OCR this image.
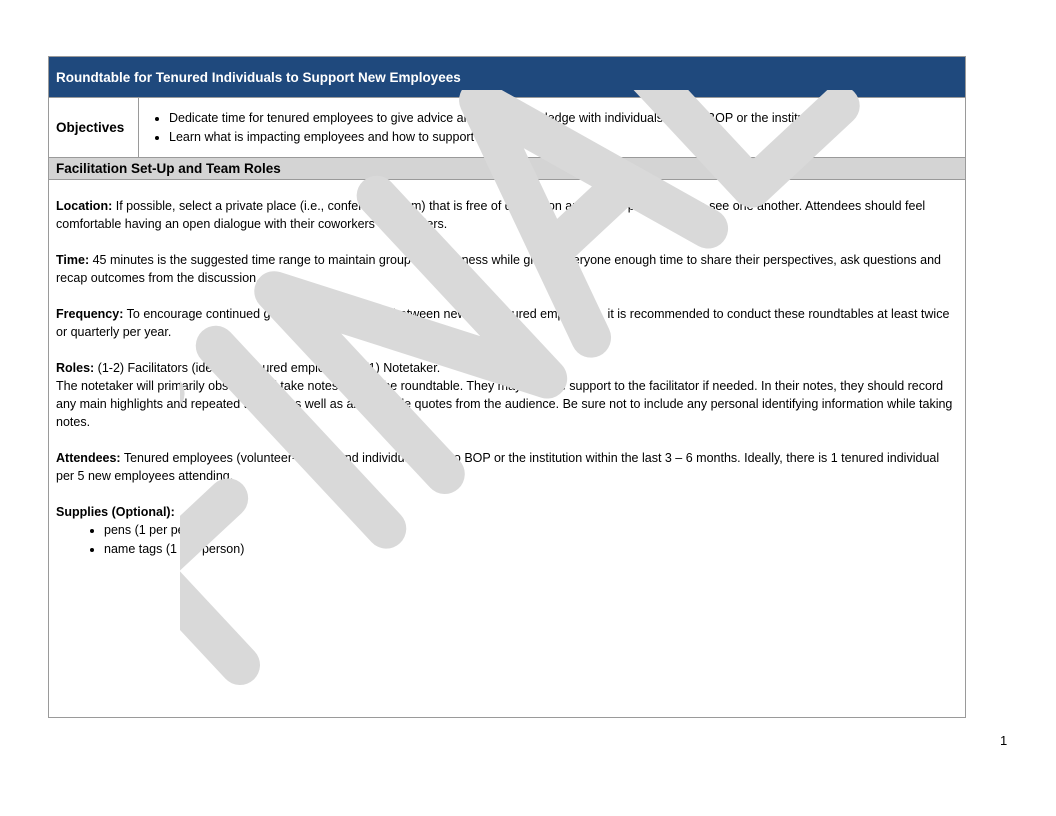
Roundtable for Tenured Individuals to Support New Employees
Objectives
• Dedicate time for tenured employees to give advice and share knowledge with individuals new to BOP or the institution
• Learn what is impacting employees and how to support them better
Facilitation Set-Up and Team Roles

Location: If possible, select a private place (i.e., conference room) that is free of distraction and allows participants to see one another. Attendees should feel comfortable having an open dialogue with their coworkers and leaders.

Time: 45 minutes is the suggested time range to maintain group attentiveness while giving everyone enough time to share their perspectives, ask questions and recap outcomes from the discussion.

Frequency: To encourage continued guidance and dialogue between new and tenured employees, it is recommended to conduct these roundtables at least twice or quarterly per year.

Roles: (1-2) Facilitators (ideally a tenured employee) & (1) Notetaker.
The notetaker will primarily observe and take notes during the roundtable. They may provide support to the facilitator if needed. In their notes, they should record any main highlights and repeated themes as well as any notable quotes from the audience. Be sure not to include any personal identifying information while taking notes.

Attendees: Tenured employees (volunteer-based) and individuals new to BOP or the institution within the last 3 – 6 months. Ideally, there is 1 tenured individual per 5 new employees attending.

Supplies (Optional):
• pens (1 per person)
• name tags (1 per person)
1
